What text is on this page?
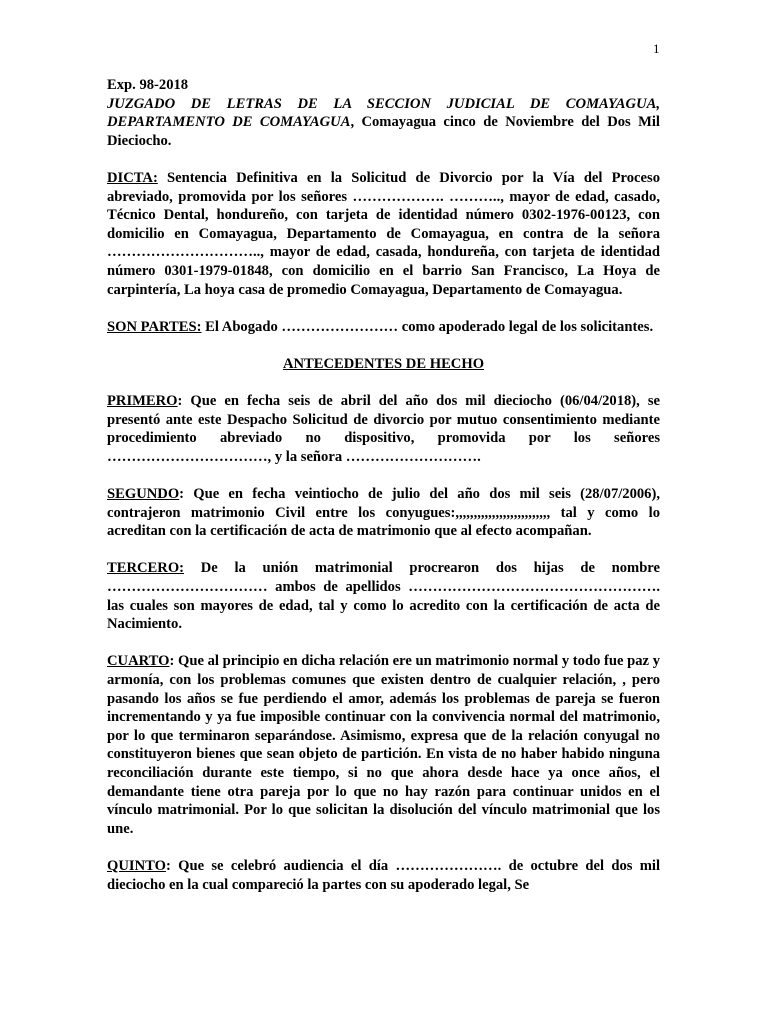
1

Exp. 98-2018
JUZGADO DE LETRAS DE LA SECCION JUDICIAL DE COMAYAGUA, DEPARTAMENTO DE COMAYAGUA, Comayagua cinco de Noviembre del Dos Mil Dieciocho.

DICTA: Sentencia Definitiva en la Solicitud de Divorcio por la Vía del Proceso abreviado, promovida por los señores ………………. ……….., mayor de edad, casado, Técnico Dental, hondureño, con tarjeta de identidad número 0302-1976-00123, con domicilio en Comayagua, Departamento de Comayagua, en contra de la señora ………………………….., mayor de edad, casada, hondureña, con tarjeta de identidad número 0301-1979-01848, con domicilio en el barrio San Francisco, La Hoya de carpintería, La hoya casa de promedio Comayagua, Departamento de Comayagua.

SON PARTES: El Abogado …………………… como apoderado legal de los solicitantes.

ANTECEDENTES DE HECHO

PRIMERO: Que en fecha seis de abril del año dos mil dieciocho (06/04/2018), se presentó ante este Despacho Solicitud de divorcio por mutuo consentimiento mediante procedimiento abreviado no dispositivo, promovida por los señores ……………………………, y la señora ……………………….

SEGUNDO: Que en fecha veintiocho de julio del año dos mil seis (28/07/2006), contrajeron matrimonio Civil entre los conyugues:,,,,,,,,,,,,,,,,,,,,,,,,,, tal y como lo acreditan con la certificación de acta de matrimonio que al efecto acompañan.

TERCERO: De la unión matrimonial procrearon dos hijas de nombre …………………………… ambos de apellidos ……………………………………………. las cuales son mayores de edad, tal y como lo acredito con la certificación de acta de Nacimiento.

CUARTO: Que al principio en dicha relación ere un matrimonio normal y todo fue paz y armonía, con los problemas comunes que existen dentro de cualquier relación, , pero pasando los años se fue perdiendo el amor, además los problemas de pareja se fueron incrementando y ya fue imposible continuar con la convivencia normal del matrimonio, por lo que terminaron separándose. Asimismo, expresa que de la relación conyugal no constituyeron bienes que sean objeto de partición. En vista de no haber habido ninguna reconciliación durante este tiempo, si no que ahora desde hace ya once años, el demandante tiene otra pareja por lo que no hay razón para continuar unidos en el vínculo matrimonial. Por lo que solicitan la disolución del vínculo matrimonial que los une.

QUINTO: Que se celebró audiencia el día …………………. de octubre del dos mil dieciocho en la cual compareció la partes con su apoderado legal, Se
